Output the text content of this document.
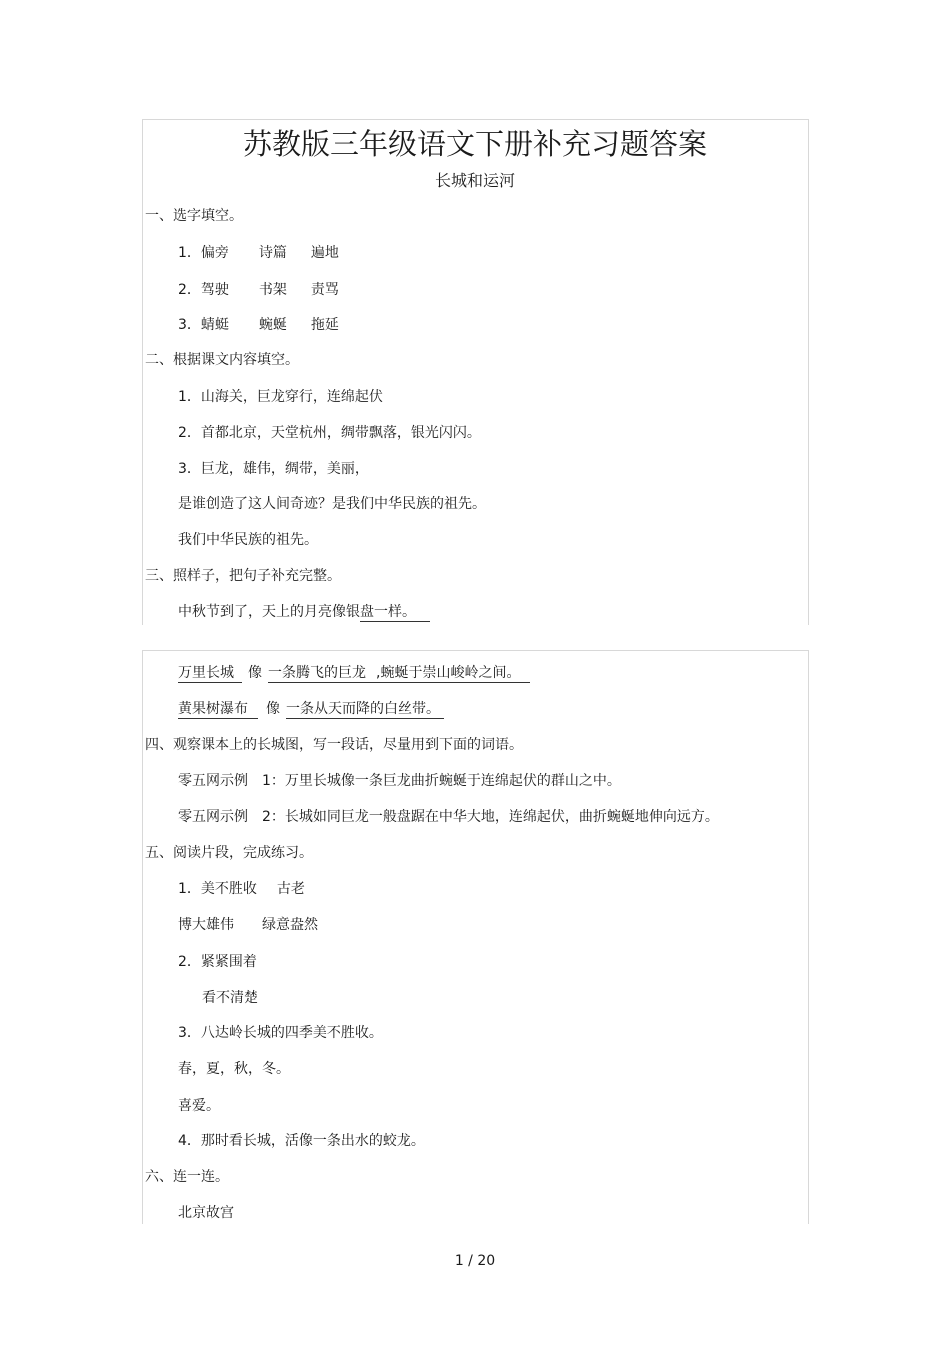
苏教版三年级语文下册补充习题答案
长城和运河
一、选字填空。
1．偏旁 诗篇 遍地
2．驾驶 书架 责骂
3．蜻蜓 蜿蜒 拖延
二、根据课文内容填空。
1．山海关，巨龙穿行，连绵起伏
2．首都北京，天堂杭州，绸带飘落，银光闪闪。
3．巨龙，雄伟，绸带，美丽，
是谁创造了这人间奇迹？是我们中华民族的祖先。
我们中华民族的祖先。
三、照样子，把句子补充完整。
中秋节到了，天上的月亮像银盘一样。
万里长城 像 一条腾飞的巨龙 ,蜿蜒于崇山峻岭之间。
黄果树瀑布 像 一条从天而降的白丝带。
四、观察课本上的长城图，写一段话，尽量用到下面的词语。
零五网示例　1：万里长城像一条巨龙曲折蜿蜒于连绵起伏的群山之中。
零五网示例　2：长城如同巨龙一般盘踞在中华大地，连绵起伏，曲折蜿蜒地伸向远方。
五、阅读片段，完成练习。
1．美不胜收 古老
博大雄伟 绿意盎然
2．紧紧围着
看不清楚
3．八达岭长城的四季美不胜收。
春，夏，秋，冬。
喜爱。
4．那时看长城，活像一条出水的蛟龙。
六、连一连。
北京故宫
1 / 20
